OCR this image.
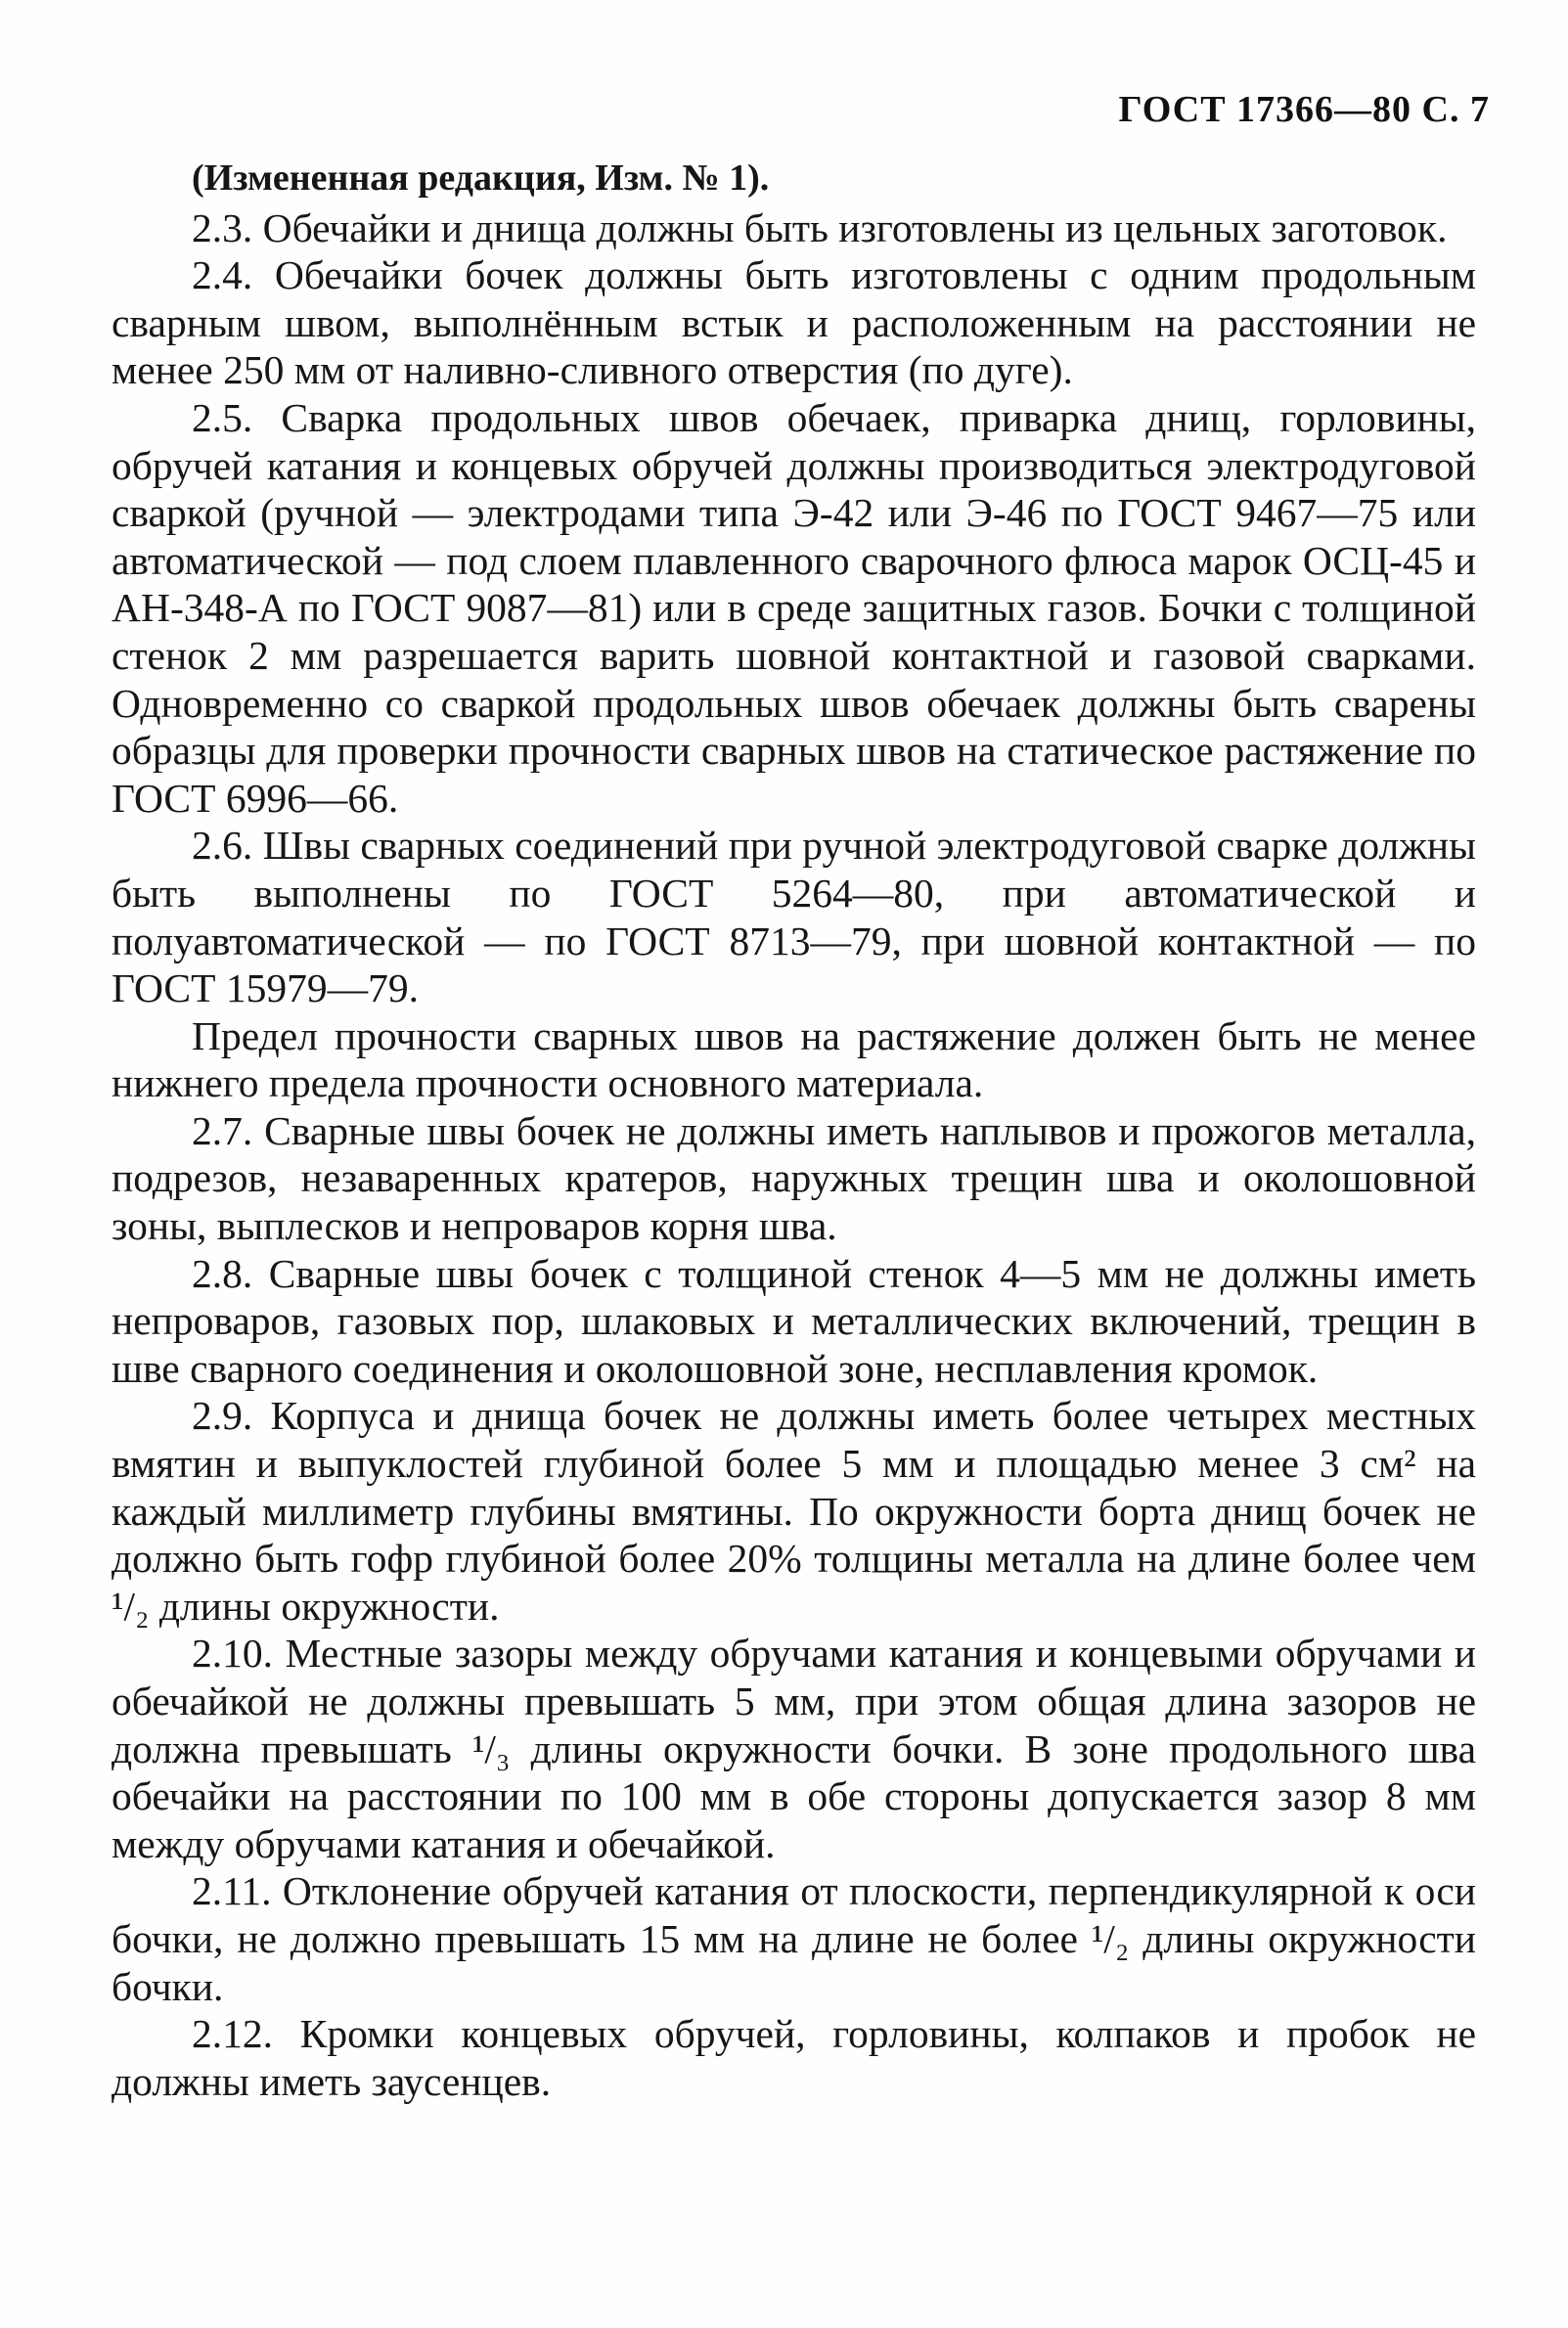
ГОСТ 17366—80 С. 7

(Измененная редакция, Изм. № 1).

2.3. Обечайки и днища должны быть изготовлены из цельных заготовок.

2.4. Обечайки бочек должны быть изготовлены с одним продольным сварным швом, выполнённым встык и расположенным на расстоянии не менее 250 мм от наливно-сливного отверстия (по дуге).

2.5. Сварка продольных швов обечаек, приварка днищ, горловины, обручей катания и концевых обручей должны производиться электродуговой сваркой (ручной — электродами типа Э-42 или Э-46 по ГОСТ 9467—75 или автоматической — под слоем плавленного сварочного флюса марок ОСЦ-45 и АН-348-А по ГОСТ 9087—81) или в среде защитных газов. Бочки с толщиной стенок 2 мм разрешается варить шовной контактной и газовой сварками. Одновременно со сваркой продольных швов обечаек должны быть сварены образцы для проверки прочности сварных швов на статическое растяжение по ГОСТ 6996—66.

2.6. Швы сварных соединений при ручной электродуговой сварке должны быть выполнены по ГОСТ 5264—80, при автоматической и полуавтоматической — по ГОСТ 8713—79, при шовной контактной — по ГОСТ 15979—79.

Предел прочности сварных швов на растяжение должен быть не менее нижнего предела прочности основного материала.

2.7. Сварные швы бочек не должны иметь наплывов и прожогов металла, подрезов, незаваренных кратеров, наружных трещин шва и околошовной зоны, выплесков и непроваров корня шва.

2.8. Сварные швы бочек с толщиной стенок 4—5 мм не должны иметь непроваров, газовых пор, шлаковых и металлических включений, трещин в шве сварного соединения и околошовной зоне, несплавления кромок.

2.9. Корпуса и днища бочек не должны иметь более четырех местных вмятин и выпуклостей глубиной более 5 мм и площадью менее 3 см² на каждый миллиметр глубины вмятины. По окружности борта днищ бочек не должно быть гофр глубиной более 20% толщины металла на длине более чем ¹/₂ длины окружности.

2.10. Местные зазоры между обручами катания и концевыми обручами и обечайкой не должны превышать 5 мм, при этом общая длина зазоров не должна превышать ¹/₃ длины окружности бочки. В зоне продольного шва обечайки на расстоянии по 100 мм в обе стороны допускается зазор 8 мм между обручами катания и обечайкой.

2.11. Отклонение обручей катания от плоскости, перпендикулярной к оси бочки, не должно превышать 15 мм на длине не более ¹/₂ длины окружности бочки.

2.12. Кромки концевых обручей, горловины, колпаков и пробок не должны иметь заусенцев.
